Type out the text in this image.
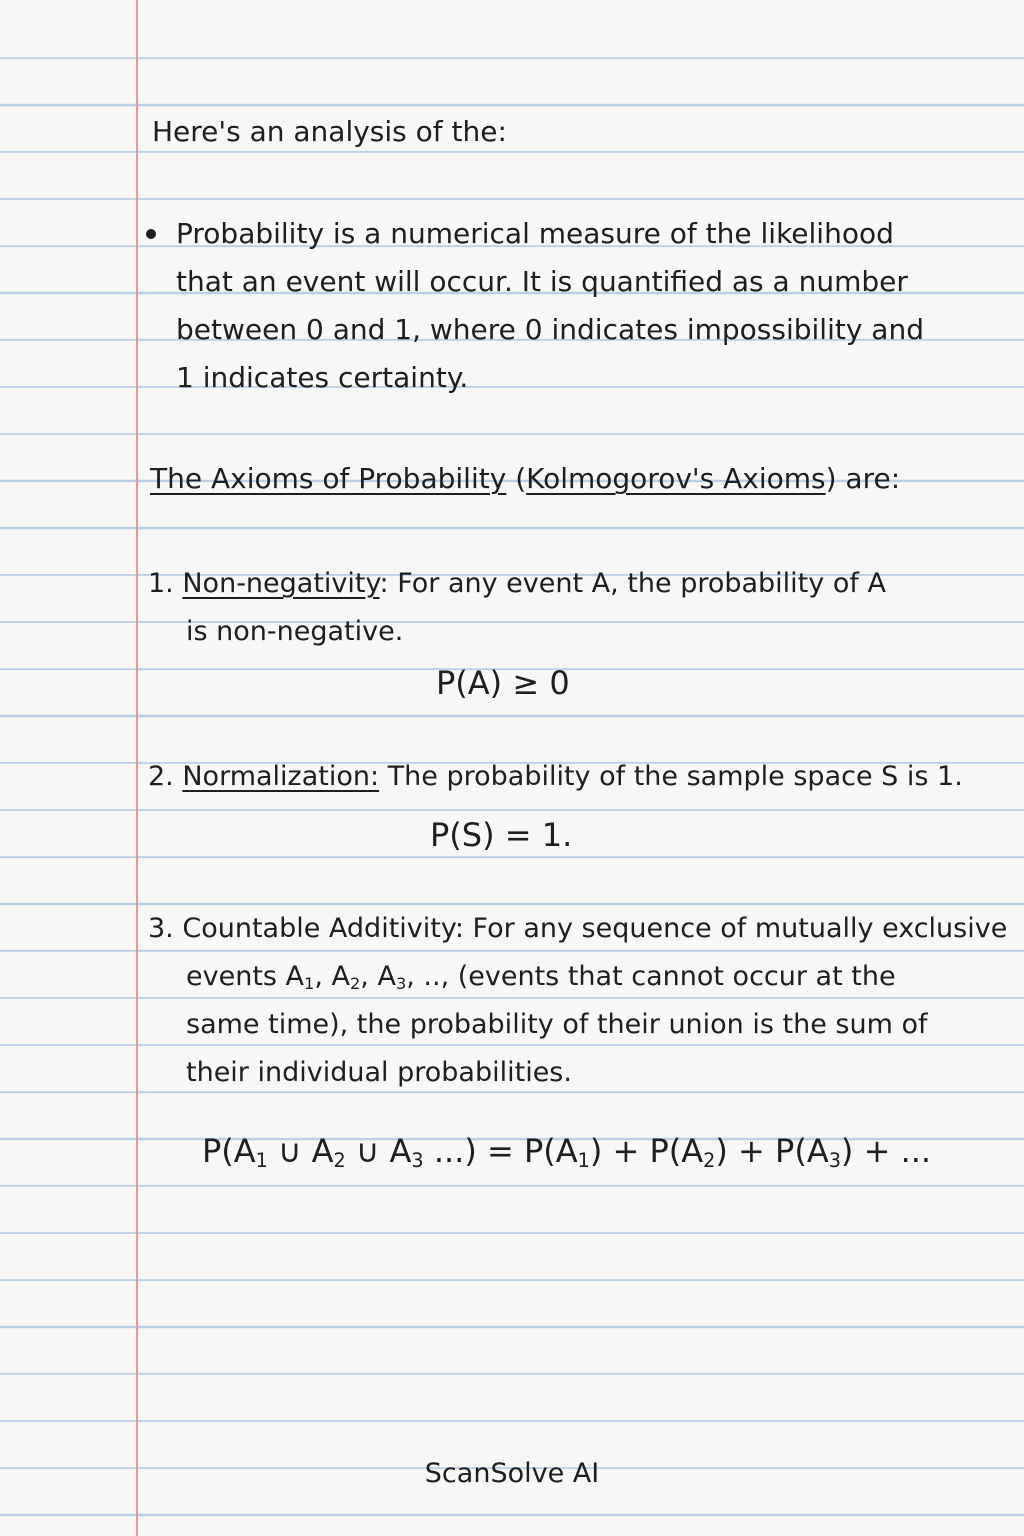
Here's an analysis of the:
Probability is a numerical measure of the likelihood
that an event will occur. It is quantified as a number
between 0 and 1, where 0 indicates impossibility and
1 indicates certainty.
The Axioms of Probability (Kolmogorov's Axioms) are:
1. Non-negativity: For any event A, the probability of A
is non-negative.
P(A) ≥ 0
2. Normalization: The probability of the sample space S is 1.
P(S) = 1.
3. Countable Additivity: For any sequence of mutually exclusive
events $A_1$, $A_2$, $A_3$, .., (events that cannot occur at the
same time), the probability of their union is the sum of
their individual probabilities.
$P(A_1$ ∪ $A_2$ ∪ $A_3$ ...) = $P(A_1) + P(A_2) + P(A_3)$ + ...
ScanSolve AI
